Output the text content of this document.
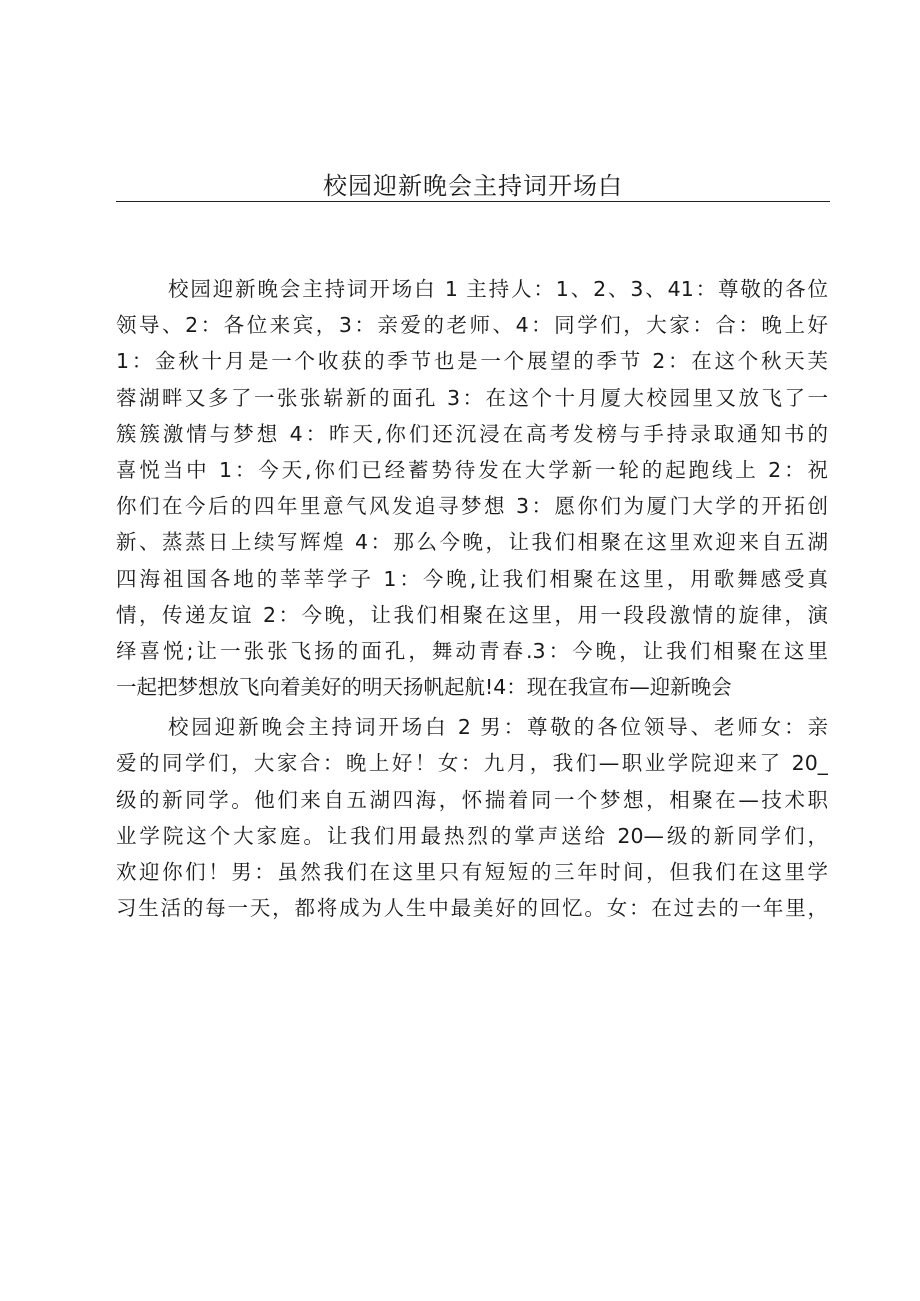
校园迎新晚会主持词开场白
校园迎新晚会主持词开场白 1 主持人：1、2、3、41：尊敬的各位
领导、2：各位来宾，3：亲爱的老师、4：同学们，大家：合：晚上好
1：金秋十月是一个收获的季节也是一个展望的季节 2：在这个秋天芙
蓉湖畔又多了一张张崭新的面孔 3：在这个十月厦大校园里又放飞了一
簇簇激情与梦想 4：昨天,你们还沉浸在高考发榜与手持录取通知书的
喜悦当中 1：今天,你们已经蓄势待发在大学新一轮的起跑线上 2：祝
你们在今后的四年里意气风发追寻梦想 3：愿你们为厦门大学的开拓创
新、蒸蒸日上续写辉煌 4：那么今晚，让我们相聚在这里欢迎来自五湖
四海祖国各地的莘莘学子 1：今晚,让我们相聚在这里，用歌舞感受真
情，传递友谊 2：今晚，让我们相聚在这里，用一段段激情的旋律，演
绎喜悦;让一张张飞扬的面孔，舞动青春.3：今晚，让我们相聚在这里
一起把梦想放飞向着美好的明天扬帆起航!4：现在我宣布—迎新晚会
校园迎新晚会主持词开场白 2 男：尊敬的各位领导、老师女：亲
爱的同学们，大家合：晚上好！女：九月，我们—职业学院迎来了 20_
级的新同学。他们来自五湖四海，怀揣着同一个梦想，相聚在—技术职
业学院这个大家庭。让我们用最热烈的掌声送给 20—级的新同学们，
欢迎你们！男：虽然我们在这里只有短短的三年时间，但我们在这里学
习生活的每一天，都将成为人生中最美好的回忆。女：在过去的一年里，
